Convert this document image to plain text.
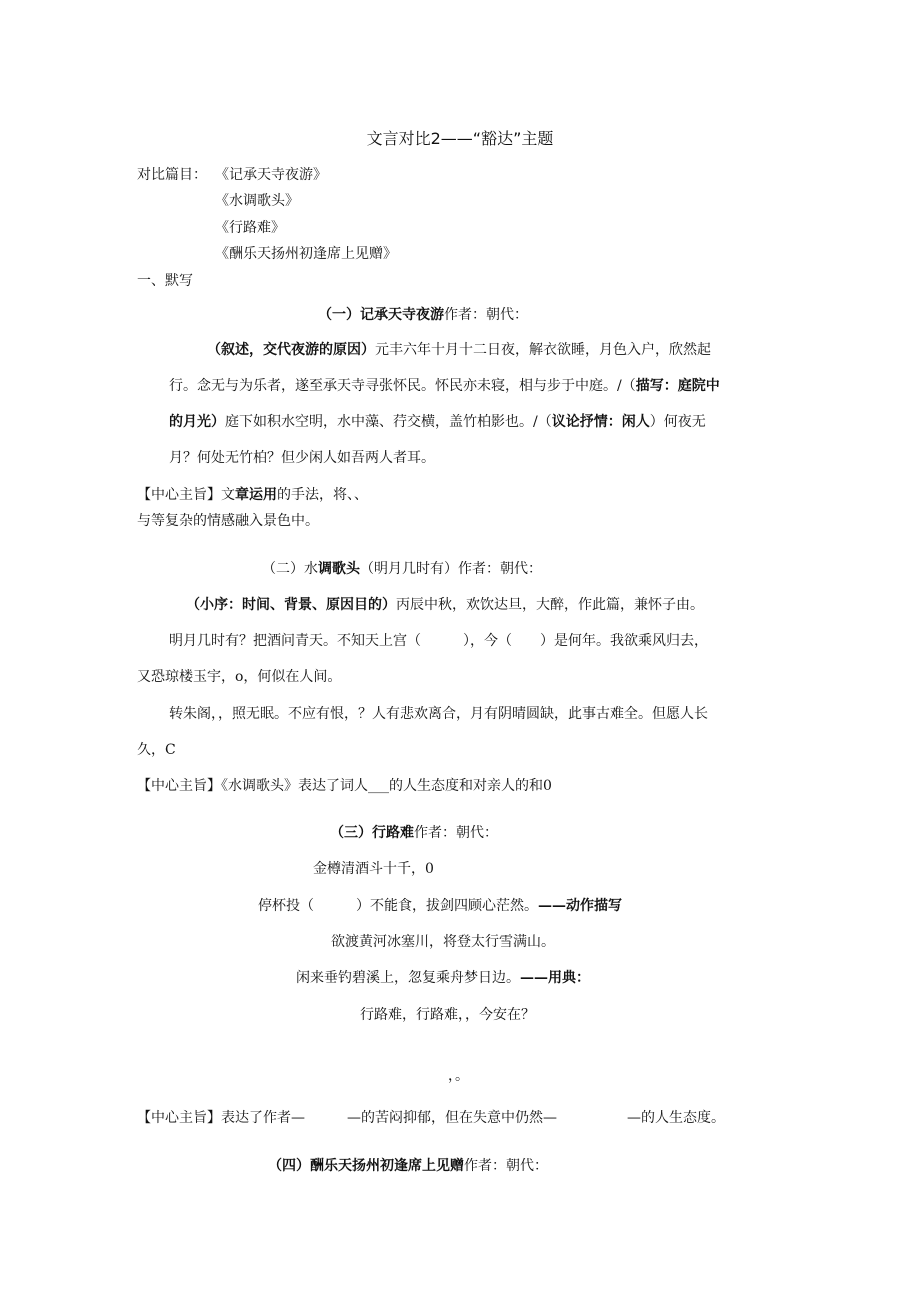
文言对比2——“豁达”主题
对比篇目： 《记承天寺夜游》
《水调歌头》
《行路难》
《酬乐天扬州初逢席上见赠》
一、默写
（一）记承天寺夜游作者：朝代：
（叙述，交代夜游的原因）元丰六年十月十二日夜，解衣欲睡，月色入户，欣然起
行。念无与为乐者，遂至承天寺寻张怀民。怀民亦未寝，相与步于中庭。/（描写：庭院中
的月光）庭下如积水空明，水中藻、荇交横，盖竹柏影也。/（议论抒情：闲人）何夜无
月？何处无竹柏？但少闲人如吾两人者耳。
【中心主旨】文章运用的手法，将、、
与等复杂的情感融入景色中。
（二）水调歌头（明月几时有）作者：朝代：
（小序：时间、背景、原因目的）丙辰中秋，欢饮达旦，大醉，作此篇，兼怀子由。
明月几时有？把酒问青天。不知天上宫（　　　），今（　　）是何年。我欲乘风归去，
又恐琼楼玉宇，o，何似在人间。
转朱阁，，照无眠。不应有恨，？人有悲欢离合，月有阴晴圆缺，此事古难全。但愿人长
久，C
【中心主旨】《水调歌头》表达了词人___的人生态度和对亲人的和0
（三）行路难作者：朝代：
金樽清酒斗十千，0
停杯投（　　　）不能食，拔剑四顾心茫然。——动作描写
欲渡黄河冰塞川，将登太行雪满山。
闲来垂钓碧溪上，忽复乘舟梦日边。——用典：
行路难，行路难，，今安在？
，。
【中心主旨】表达了作者—　　　—的苦闷抑郁，但在失意中仍然—　　　　　—的人生态度。
（四）酬乐天扬州初逢席上见赠作者：朝代：
